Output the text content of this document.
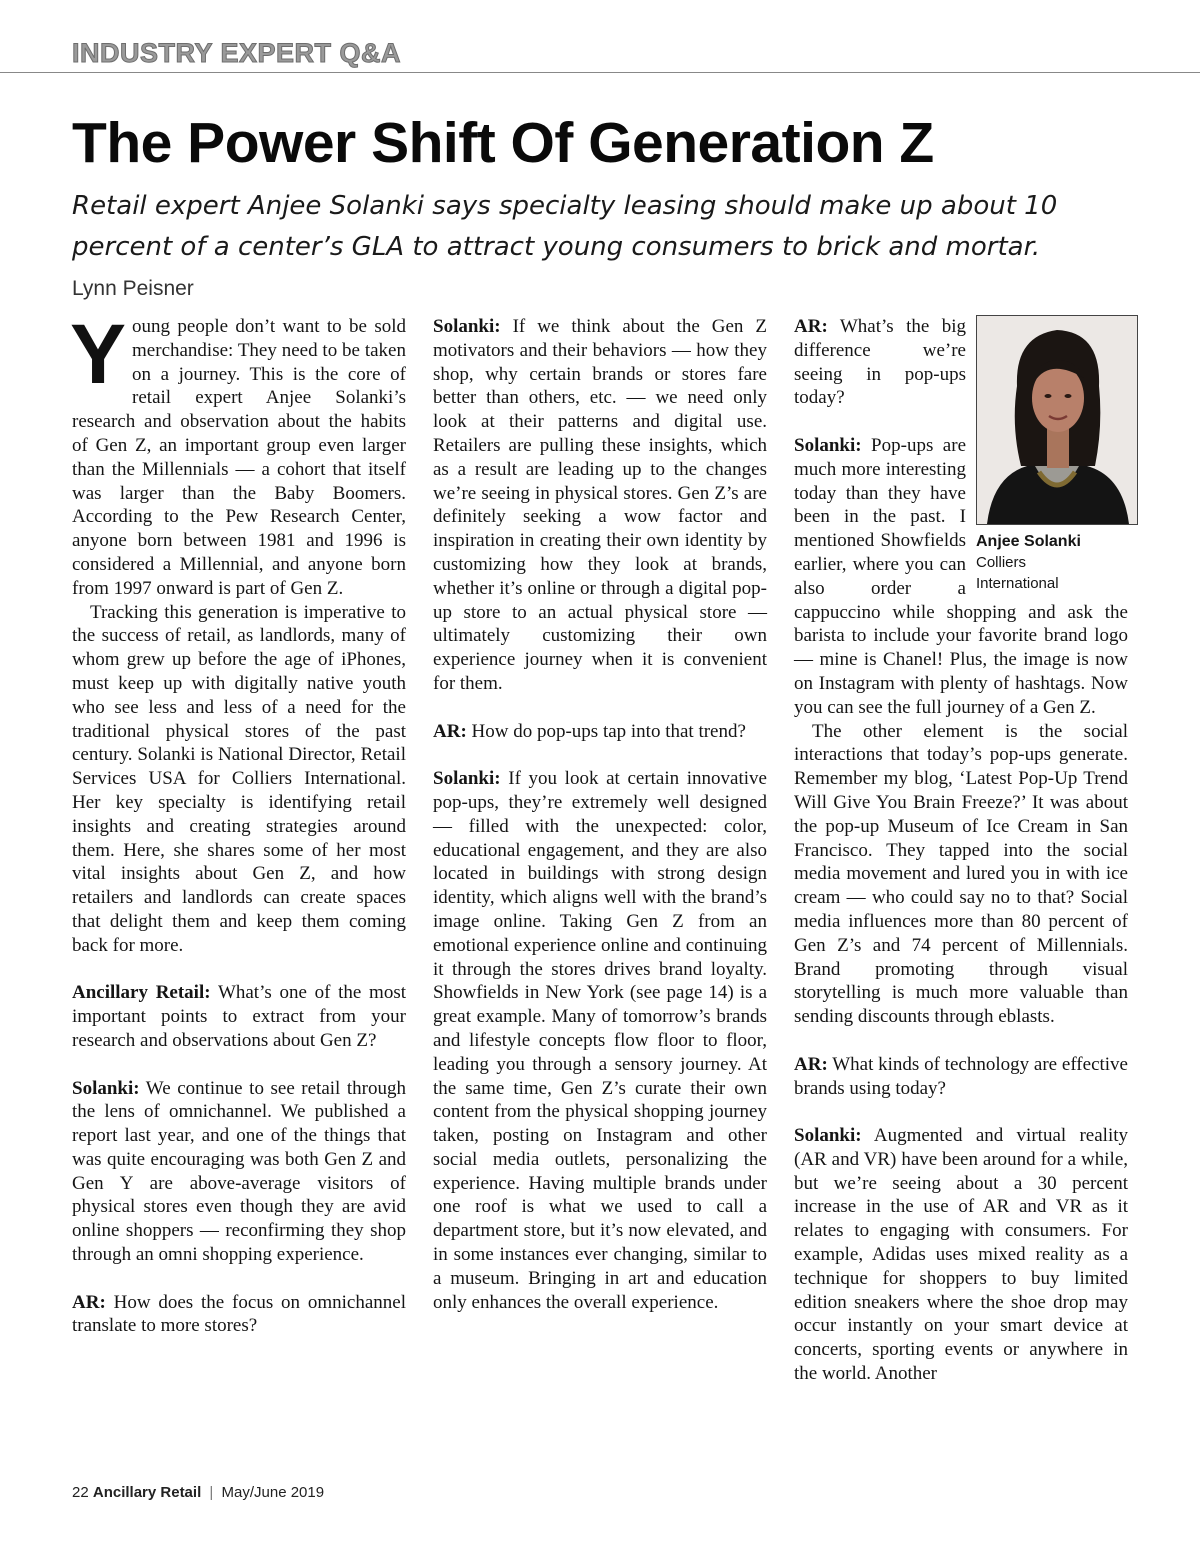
INDUSTRY EXPERT Q&A
The Power Shift Of Generation Z

Retail expert Anjee Solanki says specialty leasing should make up about 10 percent of a center’s GLA to attract young consumers to brick and mortar.

Lynn Peisner

Young people don’t want to be sold merchandise: They need to be taken on a journey. This is the core of retail expert Anjee Solanki’s research and observation about the habits of Gen Z, an important group even larger than the Millennials — a cohort that itself was larger than the Baby Boomers. According to the Pew Research Center, anyone born between 1981 and 1996 is considered a Millennial, and anyone born from 1997 onward is part of Gen Z.

Tracking this generation is imperative to the success of retail, as landlords, many of whom grew up before the age of iPhones, must keep up with digitally native youth who see less and less of a need for the traditional physical stores of the past century. Solanki is National Director, Retail Services USA for Colliers International. Her key specialty is identifying retail insights and creating strategies around them. Here, she shares some of her most vital insights about Gen Z, and how retailers and landlords can create spaces that delight them and keep them coming back for more.

Ancillary Retail: What’s one of the most important points to extract from your research and observations about Gen Z?

Solanki: We continue to see retail through the lens of omnichannel. We published a report last year, and one of the things that was quite encouraging was both Gen Z and Gen Y are above-average visitors of physical stores even though they are avid online shoppers — reconfirming they shop through an omni shopping experience.

AR: How does the focus on omnichannel translate to more stores?

Solanki: If we think about the Gen Z motivators and their behaviors — how they shop, why certain brands or stores fare better than others, etc. — we need only look at their patterns and digital use. Retailers are pulling these insights, which as a result are leading up to the changes we’re seeing in physical stores. Gen Z’s are definitely seeking a wow factor and inspiration in creating their own identity by customizing how they look at brands, whether it’s online or through a digital pop-up store to an actual physical store — ultimately customizing their own experience journey when it is convenient for them.

AR: How do pop-ups tap into that trend?

Solanki: If you look at certain innovative pop-ups, they’re extremely well designed — filled with the unexpected: color, educational engagement, and they are also located in buildings with strong design identity, which aligns well with the brand’s image online. Taking Gen Z from an emotional experience online and continuing it through the stores drives brand loyalty. Showfields in New York (see page 14) is a great example. Many of tomorrow’s brands and lifestyle concepts flow floor to floor, leading you through a sensory journey. At the same time, Gen Z’s curate their own content from the physical shopping journey taken, posting on Instagram and other social media outlets, personalizing the experience. Having multiple brands under one roof is what we used to call a department store, but it’s now elevated, and in some instances ever changing, similar to a museum. Bringing in art and education only enhances the overall experience.

Anjee Solanki
Colliers
International

AR: What’s the big difference we’re seeing in pop-ups today?

Solanki: Pop-ups are much more interesting today than they have been in the past. I mentioned Showfields earlier, where you can also order a cappuccino while shopping and ask the barista to include your favorite brand logo — mine is Chanel! Plus, the image is now on Instagram with plenty of hashtags. Now you can see the full journey of a Gen Z.

The other element is the social interactions that today’s pop-ups generate. Remember my blog, ‘Latest Pop-Up Trend Will Give You Brain Freeze?’ It was about the pop-up Museum of Ice Cream in San Francisco. They tapped into the social media movement and lured you in with ice cream — who could say no to that? Social media influences more than 80 percent of Gen Z’s and 74 percent of Millennials. Brand promoting through visual storytelling is much more valuable than sending discounts through eblasts.

AR: What kinds of technology are effective brands using today?

Solanki: Augmented and virtual reality (AR and VR) have been around for a while, but we’re seeing about a 30 percent increase in the use of AR and VR as it relates to engaging with consumers. For example, Adidas uses mixed reality as a technique for shoppers to buy limited edition sneakers where the shoe drop may occur instantly on your smart device at concerts, sporting events or anywhere in the world. Another

22 Ancillary Retail | May/June 2019
